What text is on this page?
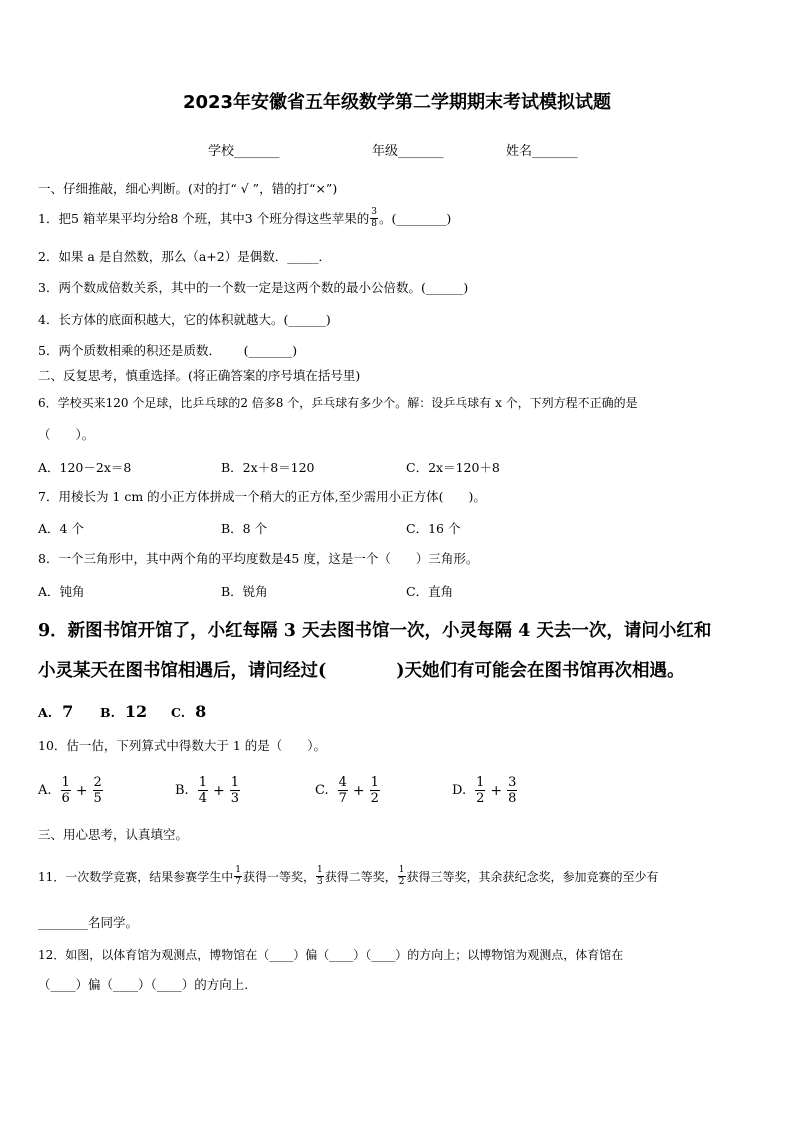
2023年安徽省五年级数学第二学期期末考试模拟试题
学校_______	年级_______	姓名_______
一、仔细推敲，细心判断。(对的打“ √ ”，错的打“×”)
1．把5 箱苹果平均分给8 个班，其中3 个班分得这些苹果的 $\frac{3}{8}$ 。(________)
2．如果 a 是自然数，那么（a+2）是偶数．_____．
3．两个数成倍数关系，其中的一个数一定是这两个数的最小公倍数。(______)
4．长方体的底面积越大，它的体积就越大。(______)
5．两个质数相乘的积还是质数．　　 (_______)
二、反复思考，慎重选择。(将正确答案的序号填在括号里)
6．学校买来120 个足球，比乒乓球的2 倍多8 个，乒乓球有多少个。解：设乒乓球有 x 个，下列方程不正确的是
（　　）。
A．120－2x＝8	B．2x＋8＝120	C．2x＝120＋8
7．用棱长为 1 cm 的小正方体拼成一个稍大的正方体,至少需用小正方体(　　)。
A．4 个	B．8 个	C．16 个
8．一个三角形中，其中两个角的平均度数是45 度，这是一个（　　）三角形。
A．钝角	B．锐角	C．直角
9．新图书馆开馆了，小红每隔 3 天去图书馆一次，小灵每隔 4 天去一次，请问小红和
小灵某天在图书馆相遇后，请问经过(　　　　)天她们有可能会在图书馆再次相遇。
A. 7 B. 12 C. 8
10．估一估，下列算式中得数大于 1 的是（　　）。
A. $\frac{1}{6} + \frac{2}{5}$	B. $\frac{1}{4} + \frac{1}{3}$	C. $\frac{4}{7} + \frac{1}{2}$	D. $\frac{1}{2} + \frac{3}{8}$
三、用心思考，认真填空。
11．一次数学竞赛，结果参赛学生中 $\frac{1}{7}$ 获得一等奖， $\frac{1}{3}$ 获得二等奖， $\frac{1}{2}$ 获得三等奖，其余获纪念奖，参加竞赛的至少有
________名同学。
12．如图，以体育馆为观测点，博物馆在（____）偏（____）（____）的方向上；以博物馆为观测点，体育馆在
（____）偏（____）（____）的方向上.
